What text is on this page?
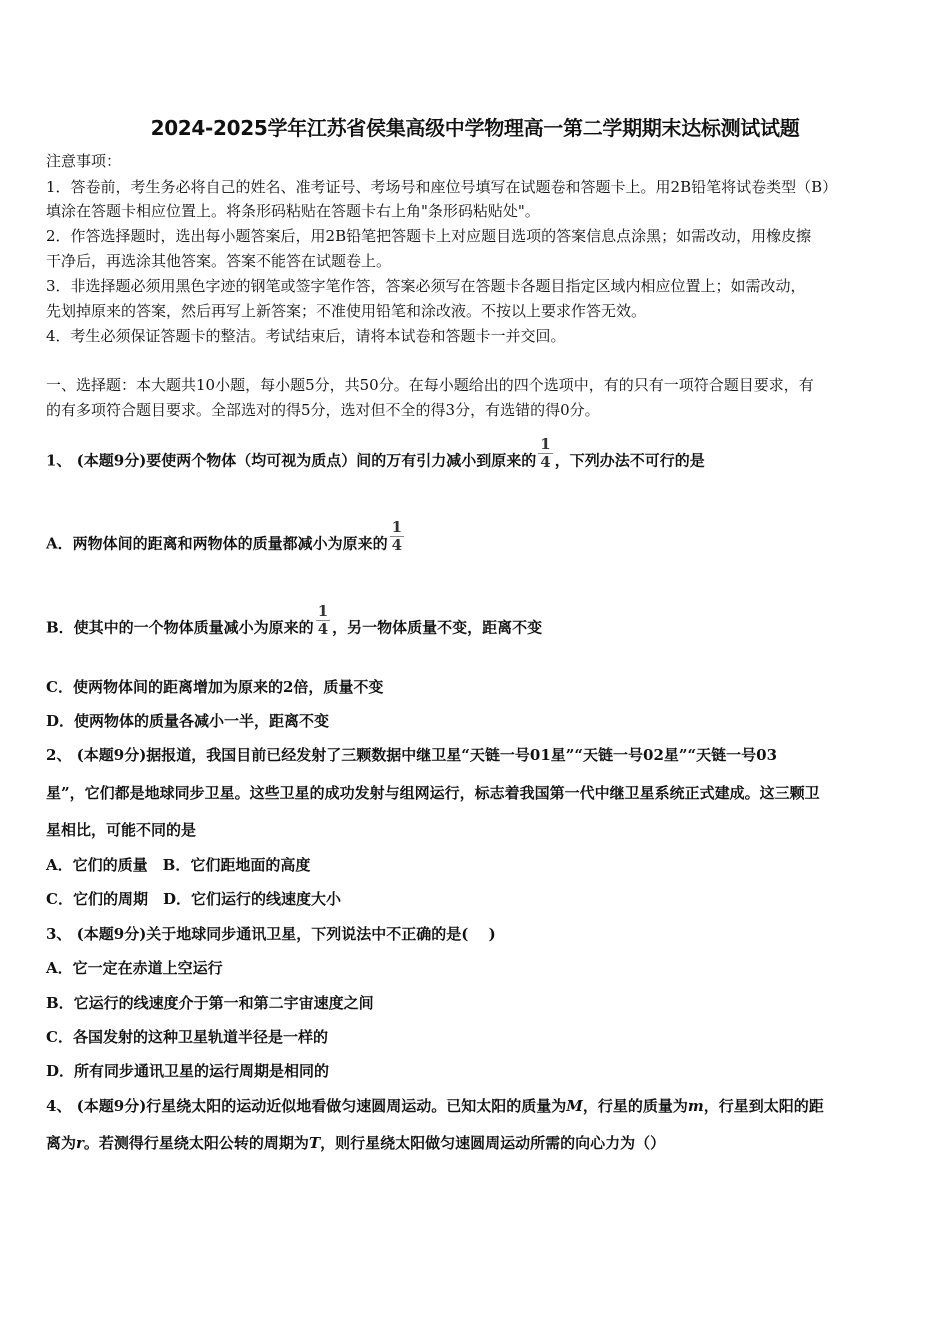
2024-2025学年江苏省侯集高级中学物理高一第二学期期末达标测试试题
注意事项：
1．答卷前，考生务必将自己的姓名、准考证号、考场号和座位号填写在试题卷和答题卡上。用2B铅笔将试卷类型（B）
填涂在答题卡相应位置上。将条形码粘贴在答题卡右上角"条形码粘贴处"。
2．作答选择题时，选出每小题答案后，用2B铅笔把答题卡上对应题目选项的答案信息点涂黑；如需改动，用橡皮擦
干净后，再选涂其他答案。答案不能答在试题卷上。
3．非选择题必须用黑色字迹的钢笔或签字笔作答，答案必须写在答题卡各题目指定区域内相应位置上；如需改动，
先划掉原来的答案，然后再写上新答案；不准使用铅笔和涂改液。不按以上要求作答无效。
4．考生必须保证答题卡的整洁。考试结束后，请将本试卷和答题卡一并交回。
一、选择题：本大题共10小题，每小题5分，共50分。在每小题给出的四个选项中，有的只有一项符合题目要求，有
的有多项符合题目要求。全部选对的得5分，选对但不全的得3分，有选错的得0分。
1、 (本题9分)要使两个物体（均可视为质点）间的万有引力减小到原来的 $\frac{1}{4}$ ，下列办法不可行的是
A．两物体间的距离和两物体的质量都减小为原来的 $\frac{1}{4}$
B．使其中的一个物体质量减小为原来的 $\frac{1}{4}$ ，另一物体质量不变，距离不变
C．使两物体间的距离增加为原来的2倍，质量不变
D．使两物体的质量各减小一半，距离不变
2、 (本题9分)据报道，我国目前已经发射了三颗数据中继卫星“天链一号01星”“天链一号02星”“天链一号03
星”，它们都是地球同步卫星。这些卫星的成功发射与组网运行，标志着我国第一代中继卫星系统正式建成。这三颗卫
星相比，可能不同的是
A．它们的质量　B．它们距地面的高度
C．它们的周期　D．它们运行的线速度大小
3、 (本题9分)关于地球同步通讯卫星，下列说法中不正确的是(　 )
A．它一定在赤道上空运行
B．它运行的线速度介于第一和第二宇宙速度之间
C．各国发射的这种卫星轨道半径是一样的
D．所有同步通讯卫星的运行周期是相同的
4、 (本题9分)行星绕太阳的运动近似地看做匀速圆周运动。已知太阳的质量为M，行星的质量为m，行星到太阳的距
离为r。若测得行星绕太阳公转的周期为T，则行星绕太阳做匀速圆周运动所需的向心力为（）
